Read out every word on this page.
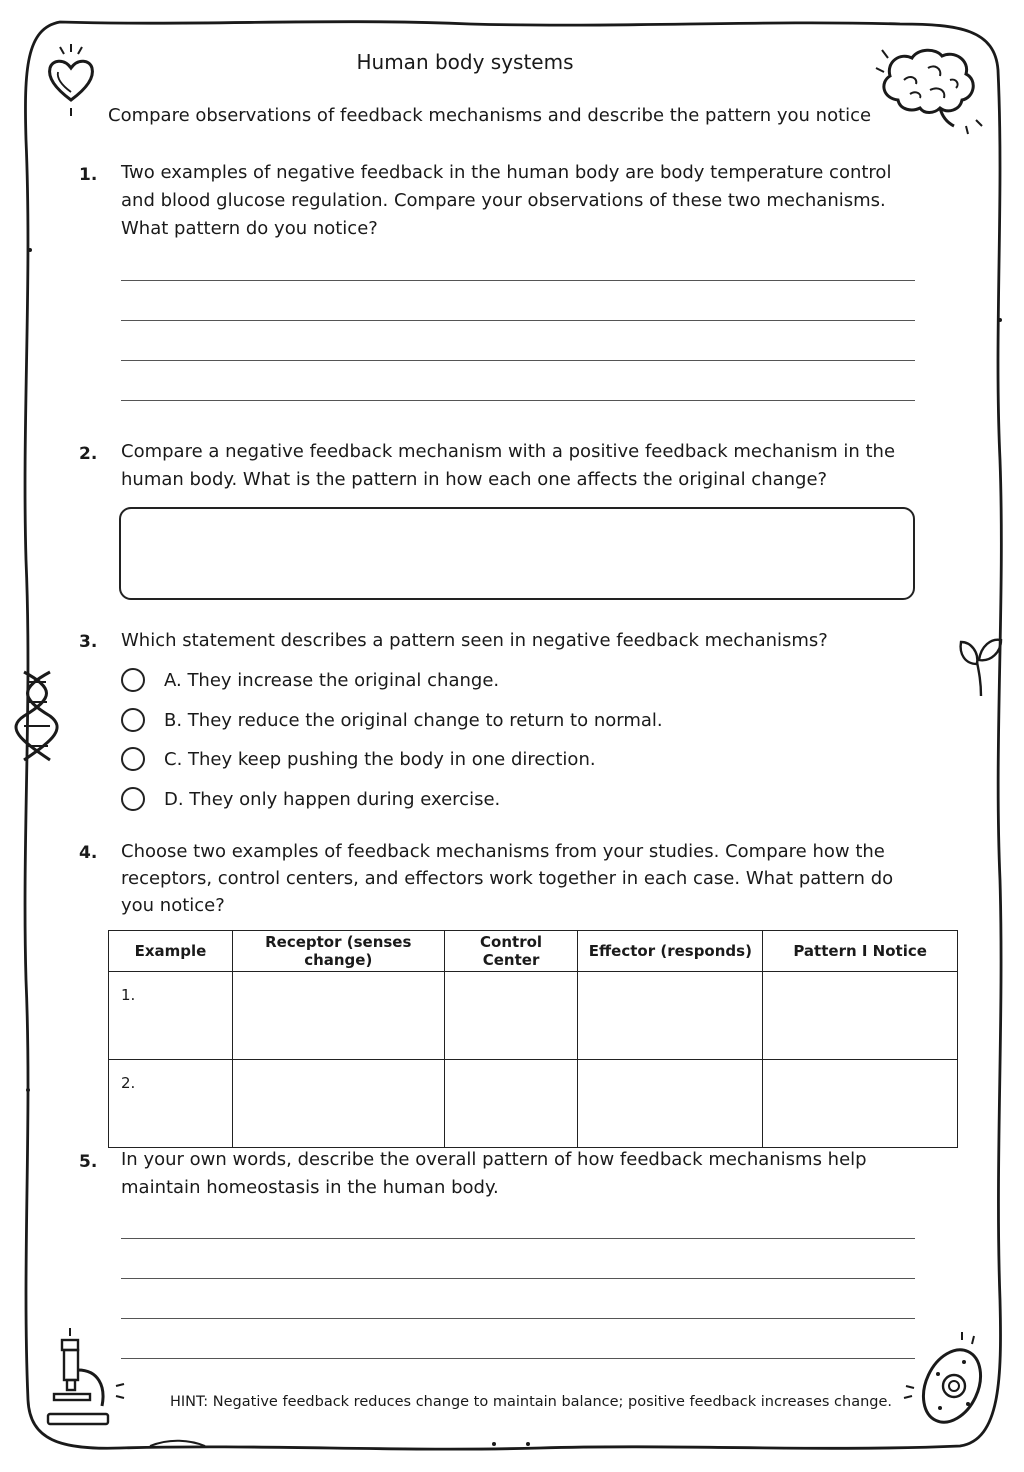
Human body systems
Compare observations of feedback mechanisms and describe the pattern you notice
1. Two examples of negative feedback in the human body are body temperature control and blood glucose regulation. Compare your observations of these two mechanisms. What pattern do you notice?
2. Compare a negative feedback mechanism with a positive feedback mechanism in the human body. What is the pattern in how each one affects the original change?
3. Which statement describes a pattern seen in negative feedback mechanisms?
A. They increase the original change.
B. They reduce the original change to return to normal.
C. They keep pushing the body in one direction.
D. They only happen during exercise.
4. Choose two examples of feedback mechanisms from your studies. Compare how the receptors, control centers, and effectors work together in each case. What pattern do you notice?
Example	Receptor (senses change)	Control Center	Effector (responds)	Pattern I Notice
1.				
2.				
5. In your own words, describe the overall pattern of how feedback mechanisms help maintain homeostasis in the human body.
HINT: Negative feedback reduces change to maintain balance; positive feedback increases change.
